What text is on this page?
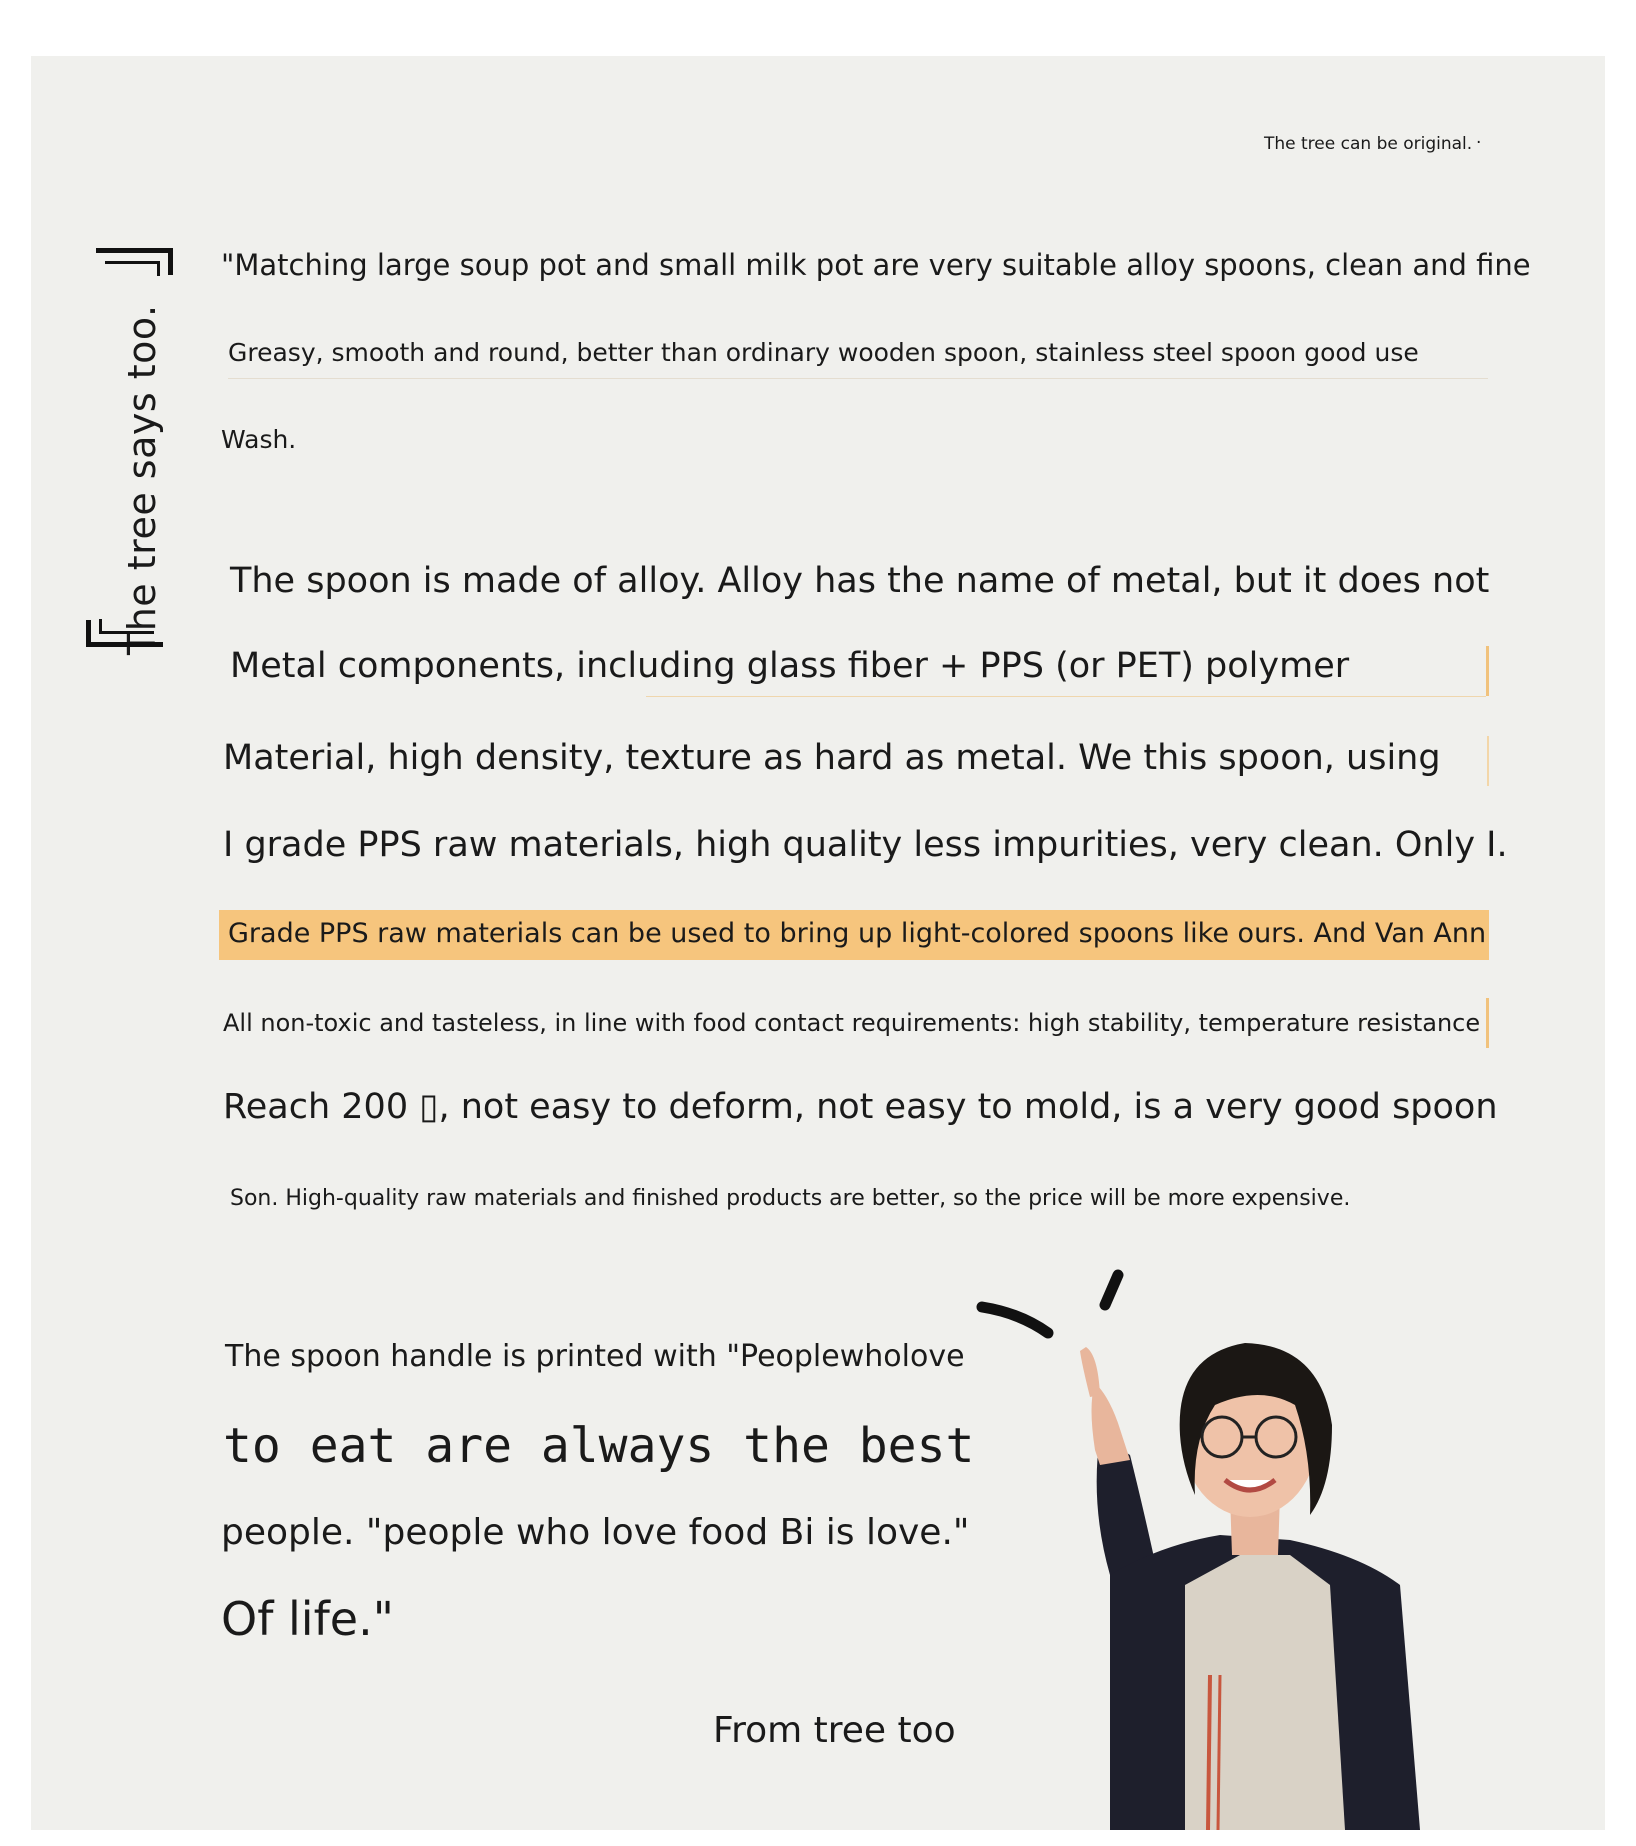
The tree can be original. .
The tree says too.
"Matching large soup pot and small milk pot are very suitable alloy spoons, clean and fine
Greasy, smooth and round, better than ordinary wooden spoon, stainless steel spoon good use
Wash.
The spoon is made of alloy. Alloy has the name of metal, but it does not
Metal components, including glass fiber + PPS (or PET) polymer
Material, high density, texture as hard as metal. We this spoon, using
I grade PPS raw materials, high quality less impurities, very clean. Only I.
Grade PPS raw materials can be used to bring up light-colored spoons like ours. And Van Ann
All non-toxic and tasteless, in line with food contact requirements: high stability, temperature resistance
Reach 200 ▯, not easy to deform, not easy to mold, is a very good spoon
Son. High-quality raw materials and finished products are better, so the price will be more expensive.
The spoon handle is printed with "Peoplewholove
to eat are always the best
people. "people who love food Bi is love."
Of life."
From tree too
